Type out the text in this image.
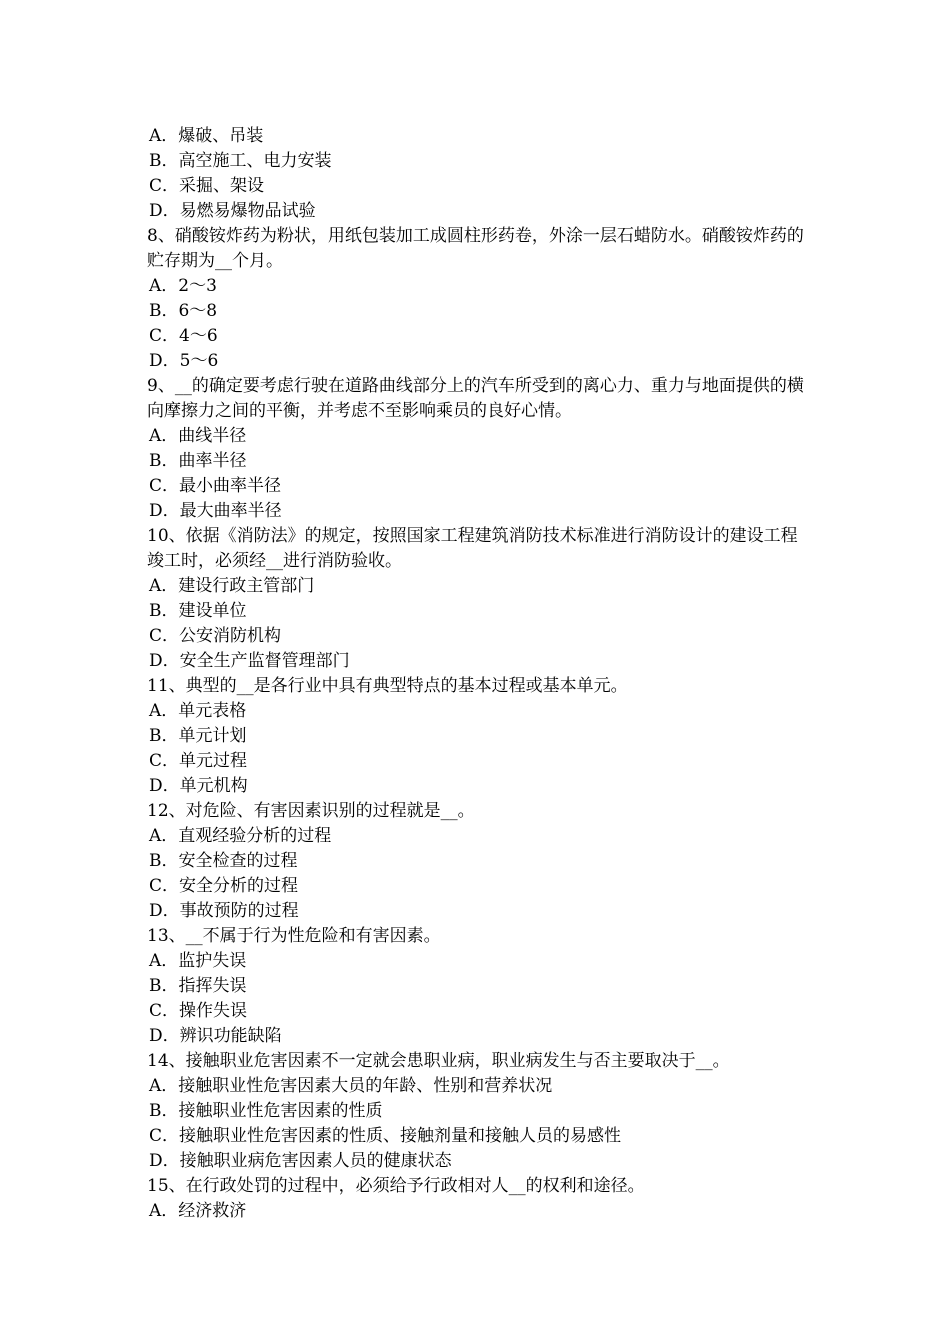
A．爆破、吊装
B．高空施工、电力安装
C．采掘、架设
D．易燃易爆物品试验
8、硝酸铵炸药为粉状，用纸包装加工成圆柱形药卷，外涂一层石蜡防水。硝酸铵炸药的贮存期为__个月。
A．2～3
B．6～8
C．4～6
D．5～6
9、__的确定要考虑行驶在道路曲线部分上的汽车所受到的离心力、重力与地面提供的横向摩擦力之间的平衡，并考虑不至影响乘员的良好心情。
A．曲线半径
B．曲率半径
C．最小曲率半径
D．最大曲率半径
10、依据《消防法》的规定，按照国家工程建筑消防技术标准进行消防设计的建设工程竣工时，必须经__进行消防验收。
A．建设行政主管部门
B．建设单位
C．公安消防机构
D．安全生产监督管理部门
11、典型的__是各行业中具有典型特点的基本过程或基本单元。
A．单元表格
B．单元计划
C．单元过程
D．单元机构
12、对危险、有害因素识别的过程就是__。
A．直观经验分析的过程
B．安全检查的过程
C．安全分析的过程
D．事故预防的过程
13、__不属于行为性危险和有害因素。
A．监护失误
B．指挥失误
C．操作失误
D．辨识功能缺陷
14、接触职业危害因素不一定就会患职业病，职业病发生与否主要取决于__。
A．接触职业性危害因素大员的年龄、性别和营养状况
B．接触职业性危害因素的性质
C．接触职业性危害因素的性质、接触剂量和接触人员的易感性
D．接触职业病危害因素人员的健康状态
15、在行政处罚的过程中，必须给予行政相对人__的权利和途径。
A．经济救济
